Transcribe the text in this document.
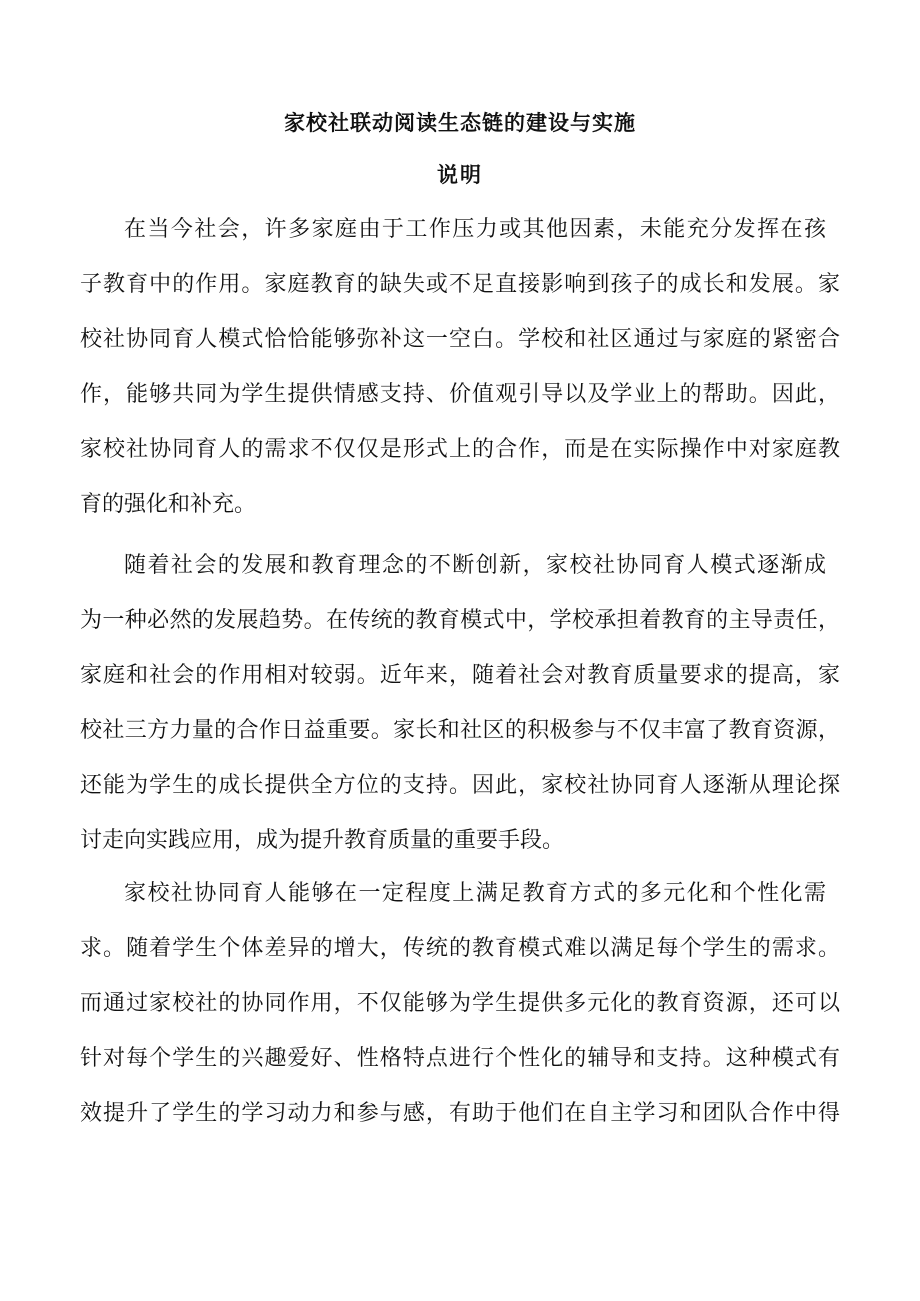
家校社联动阅读生态链的建设与实施
说明

在当今社会，许多家庭由于工作压力或其他因素，未能充分发挥在孩
子教育中的作用。家庭教育的缺失或不足直接影响到孩子的成长和发展。家
校社协同育人模式恰恰能够弥补这一空白。学校和社区通过与家庭的紧密合
作，能够共同为学生提供情感支持、价值观引导以及学业上的帮助。因此，
家校社协同育人的需求不仅仅是形式上的合作，而是在实际操作中对家庭教
育的强化和补充。

随着社会的发展和教育理念的不断创新，家校社协同育人模式逐渐成
为一种必然的发展趋势。在传统的教育模式中，学校承担着教育的主导责任，
家庭和社会的作用相对较弱。近年来，随着社会对教育质量要求的提高，家
校社三方力量的合作日益重要。家长和社区的积极参与不仅丰富了教育资源，
还能为学生的成长提供全方位的支持。因此，家校社协同育人逐渐从理论探
讨走向实践应用，成为提升教育质量的重要手段。

家校社协同育人能够在一定程度上满足教育方式的多元化和个性化需
求。随着学生个体差异的增大，传统的教育模式难以满足每个学生的需求。
而通过家校社的协同作用，不仅能够为学生提供多元化的教育资源，还可以
针对每个学生的兴趣爱好、性格特点进行个性化的辅导和支持。这种模式有
效提升了学生的学习动力和参与感，有助于他们在自主学习和团队合作中得
